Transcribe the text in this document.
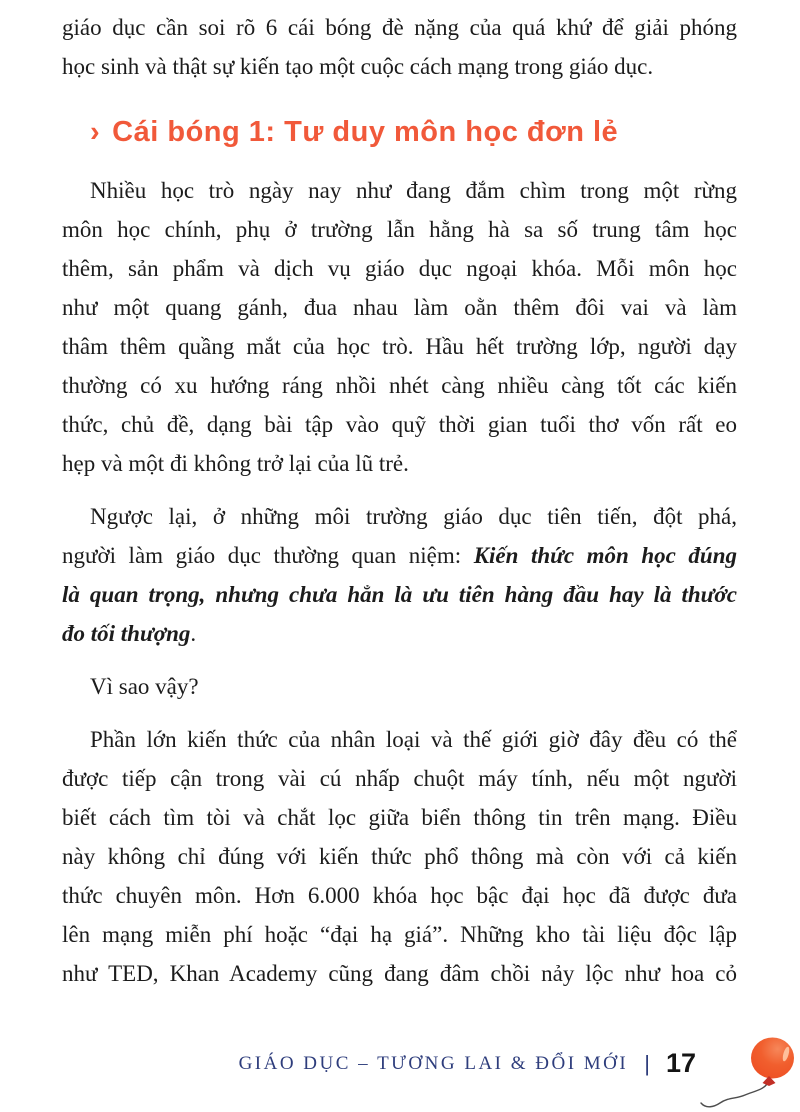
giáo dục cần soi rõ 6 cái bóng đè nặng của quá khứ để giải phóng
học sinh và thật sự kiến tạo một cuộc cách mạng trong giáo dục.
› Cái bóng 1: Tư duy môn học đơn lẻ
Nhiều học trò ngày nay như đang đắm chìm trong một rừng
môn học chính, phụ ở trường lẫn hằng hà sa số trung tâm học
thêm, sản phẩm và dịch vụ giáo dục ngoại khóa. Mỗi môn học
như một quang gánh, đua nhau làm oằn thêm đôi vai và làm
thâm thêm quầng mắt của học trò. Hầu hết trường lớp, người dạy
thường có xu hướng ráng nhồi nhét càng nhiều càng tốt các kiến
thức, chủ đề, dạng bài tập vào quỹ thời gian tuổi thơ vốn rất eo
hẹp và một đi không trở lại của lũ trẻ.
Ngược lại, ở những môi trường giáo dục tiên tiến, đột phá,
người làm giáo dục thường quan niệm: Kiến thức môn học đúng
là quan trọng, nhưng chưa hẳn là ưu tiên hàng đầu hay là thước
đo tối thượng.
Vì sao vậy?
Phần lớn kiến thức của nhân loại và thế giới giờ đây đều có thể
được tiếp cận trong vài cú nhấp chuột máy tính, nếu một người
biết cách tìm tòi và chắt lọc giữa biển thông tin trên mạng. Điều
này không chỉ đúng với kiến thức phổ thông mà còn với cả kiến
thức chuyên môn. Hơn 6.000 khóa học bậc đại học đã được đưa
lên mạng miễn phí hoặc “đại hạ giá”. Những kho tài liệu độc lập
như TED, Khan Academy cũng đang đâm chồi nảy lộc như hoa cỏ
GIÁO DỤC – TƯƠNG LAI & ĐỔI MỚI | 17
